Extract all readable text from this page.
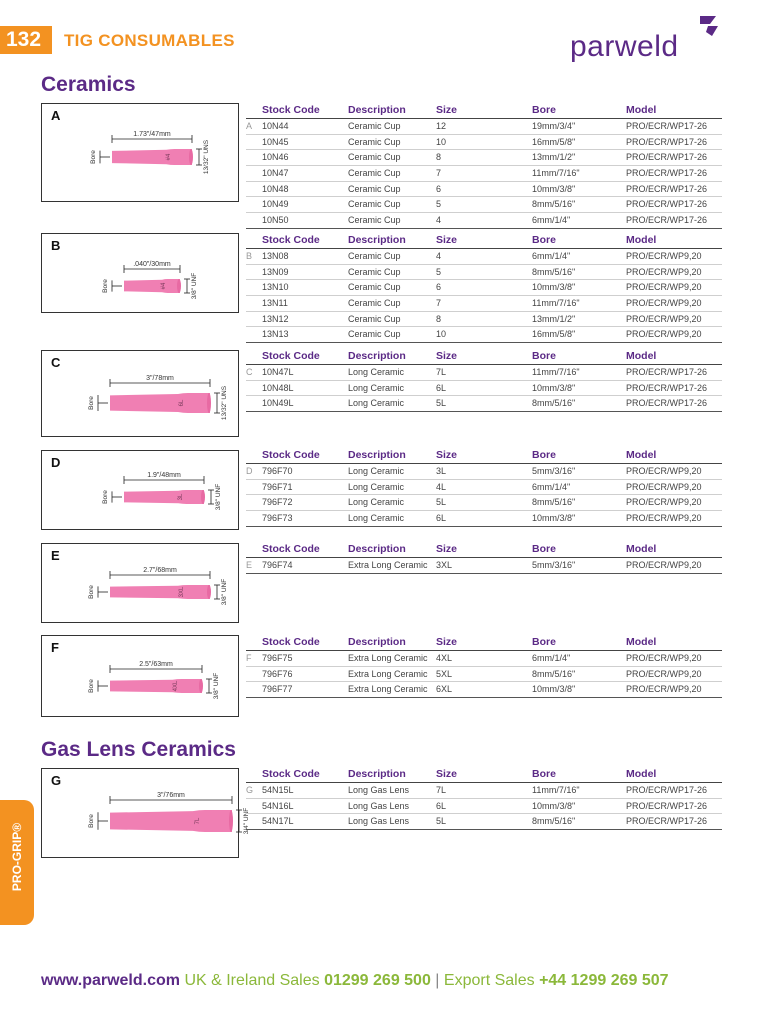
132	TIG CONSUMABLES	parweld
Ceramics
Gas Lens Ceramics
A
1.73"/47mm
Bore	13/32" UNS
#4
B
.040"/30mm
Bore	3/8" UNF
#4
C
3"/78mm
Bore	13/32" UNS
6L
D
1.9"/48mm
Bore	3/8" UNF
3L
E
2.7"/68mm
Bore	3/8" UNF
3XL
F
2.5"/63mm
Bore	3/8" UNF
4XL
G
3"/76mm
Bore	3/4" UNF
7L
Stock Code	Description	Size	Bore	Model
A 10N44	Ceramic Cup	12	19mm/3/4"	PRO/ECR/WP17-26
10N45	Ceramic Cup	10	16mm/5/8"	PRO/ECR/WP17-26
10N46	Ceramic Cup	8	13mm/1/2"	PRO/ECR/WP17-26
10N47	Ceramic Cup	7	11mm/7/16"	PRO/ECR/WP17-26
10N48	Ceramic Cup	6	10mm/3/8"	PRO/ECR/WP17-26
10N49	Ceramic Cup	5	8mm/5/16"	PRO/ECR/WP17-26
10N50	Ceramic Cup	4	6mm/1/4"	PRO/ECR/WP17-26
Stock Code	Description	Size	Bore	Model
B 13N08	Ceramic Cup	4	6mm/1/4"	PRO/ECR/WP9,20
13N09	Ceramic Cup	5	8mm/5/16"	PRO/ECR/WP9,20
13N10	Ceramic Cup	6	10mm/3/8"	PRO/ECR/WP9,20
13N11	Ceramic Cup	7	11mm/7/16"	PRO/ECR/WP9,20
13N12	Ceramic Cup	8	13mm/1/2"	PRO/ECR/WP9,20
13N13	Ceramic Cup	10	16mm/5/8"	PRO/ECR/WP9,20
Stock Code	Description	Size	Bore	Model
C 10N47L	Long Ceramic	7L	11mm/7/16"	PRO/ECR/WP17-26
10N48L	Long Ceramic	6L	10mm/3/8"	PRO/ECR/WP17-26
10N49L	Long Ceramic	5L	8mm/5/16"	PRO/ECR/WP17-26
Stock Code	Description	Size	Bore	Model
D 796F70	Long Ceramic	3L	5mm/3/16"	PRO/ECR/WP9,20
796F71	Long Ceramic	4L	6mm/1/4"	PRO/ECR/WP9,20
796F72	Long Ceramic	5L	8mm/5/16"	PRO/ECR/WP9,20
796F73	Long Ceramic	6L	10mm/3/8"	PRO/ECR/WP9,20
Stock Code	Description	Size	Bore	Model
E 796F74	Extra Long Ceramic 3XL	5mm/3/16"	PRO/ECR/WP9,20
Stock Code	Description	Size	Bore	Model
F 796F75	Extra Long Ceramic 4XL	6mm/1/4"	PRO/ECR/WP9,20
796F76	Extra Long Ceramic 5XL	8mm/5/16"	PRO/ECR/WP9,20
796F77	Extra Long Ceramic 6XL	10mm/3/8"	PRO/ECR/WP9,20
Stock Code	Description	Size	Bore	Model
G 54N15L	Long Gas Lens	7L	11mm/7/16"	PRO/ECR/WP17-26
54N16L	Long Gas Lens	6L	10mm/3/8"	PRO/ECR/WP17-26
54N17L	Long Gas Lens	5L	8mm/5/16"	PRO/ECR/WP17-26
PRO-GRIP®
www.parweld.com UK & Ireland Sales 01299 269 500 | Export Sales +44 1299 269 507
